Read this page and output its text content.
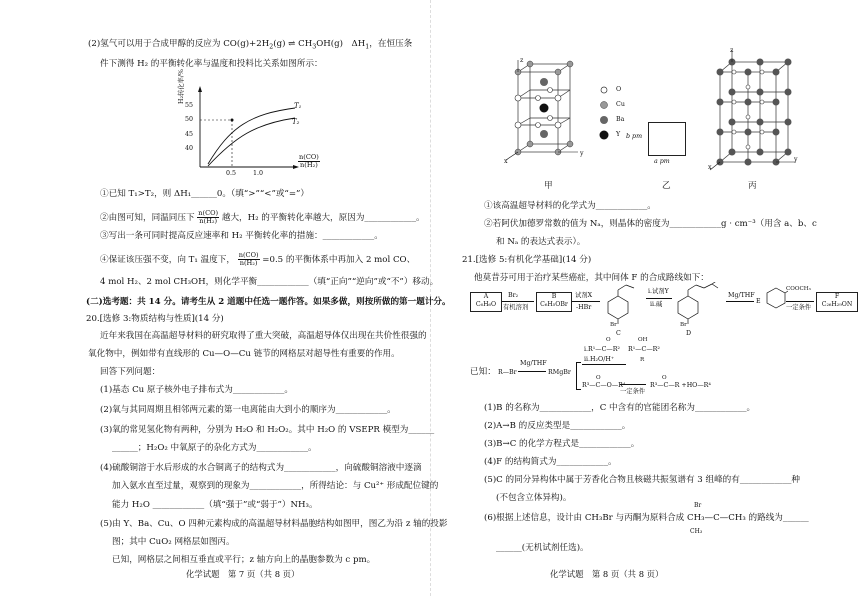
(2)氢气可以用于合成甲醇的反应为 $CO(g)+2H_2(g)$ ⇌ $CH_3OH(g)$　$\Delta H_1$，在恒压条
件下测得 H₂ 的平衡转化率与温度和投料比关系如图所示：
H₂转化率/%
55
50
45
40
0.5	1.0
T₁
T₂
$\frac{n(CO)}{\text{n(H₂)}}$
①已知 T₁>T₂，则 ΔH₁______0。（填“>”“<”或“=”）
②由图可知，同温同压下 $\frac{n(CO)}{\text{n(H₂)}}$ 越大，H₂ 的平衡转化率越大，原因为____________。
③写出一条可同时提高反应速率和 H₂ 平衡转化率的措施：____________。
④保证该压强不变，向 T₁ 温度下， $\frac{n(CO)}{\text{n(H₂)}} =0.5$ 的平衡体系中再加入 2 mol CO、
4 mol H₂、2 mol CH₃OH，则化学平衡____________（填“正向”“逆向”或“不”）移动。
(二)选考题：共 14 分。请考生从 2 道题中任选一题作答。如果多做，则按所做的第一题计分。
20.[选修 3:物质结构与性质](14 分)
近年来我国在高温超导材料的研究取得了重大突破，高温超导体仅出现在共价性很强的
氧化物中，例如带有直线形的 Cu—O—Cu 链节的网格层对超导性有重要的作用。
回答下列问题：
(1)基态 Cu 原子核外电子排布式为____________。
(2)氧与其同周期且相邻两元素的第一电离能由大到小的顺序为____________。
(3)氧的常见氢化物有两种，分别为 H₂O 和 H₂O₂。其中 H₂O 的 VSEPR 模型为______
______；H₂O₂ 中氧原子的杂化方式为____________。
(4)硫酸铜溶于水后形成的水合铜离子的结构式为____________，向硫酸铜溶液中逐滴
加入氨水直至过量，观察到的现象为____________，所得结论：与 Cu²⁺ 形成配位键的
能力 H₂O ____________（填“强于”或“弱于”）NH₃。
(5)由 Y、Ba、Cu、O 四种元素构成的高温超导材料晶胞结构如图甲，图乙为沿 z 轴的投影
图；其中 CuO₂ 网格层如图丙。
已知，网格层之间相互垂直或平行；z 轴方向上的晶胞参数为 c pm。
化学试题　第 7 页（共 8 页）
x
y
z
O
Cu
Ba
Y b pm
a pm
x
y
z
甲	乙	丙
①该高温超导材料的化学式为____________。
②若阿伏加德罗常数的值为 Nₐ，则晶体的密度为____________g · cm⁻³（用含 a、b、c
和 Nₐ 的表达式表示）。
21.[选修 5:有机化学基础](14 分)
他莫昔芬可用于治疗某些癌症，其中间体 F 的合成路线如下：
A
C₆H₆O
Br₂
有机溶剂
B
C₆H₅OBr
试剂X
-HBr
Br
C
i.试剂Y
ii.碱
Br
D
Mg/THF
E
COOCH₃
一定条件
F
C₂₆H₂₉ON
已知： R—Br
Mg/THF
RMgBr
O
i.R¹—C—R²
ii.H₂O/H⁺
OH
R¹—C—R²
R
O
R³—C—O—R⁴
一定条件
O
R³—C—R +HO—R⁴
(1)B 的名称为____________，C 中含有的官能团名称为____________。
(2)A→B 的反应类型是____________。
(3)B→C 的化学方程式是____________。
(4)F 的结构简式为____________。
(5)C 的同分异构体中属于芳香化合物且核磁共振氢谱有 3 组峰的有____________种
(不包含立体异构)。
Br
(6)根据上述信息，设计由 CH₃Br 与丙酮为原料合成 CH₃—C—CH₃ 的路线为______
CH₃
______(无机试剂任选)。
化学试题　第 8 页（共 8 页）
